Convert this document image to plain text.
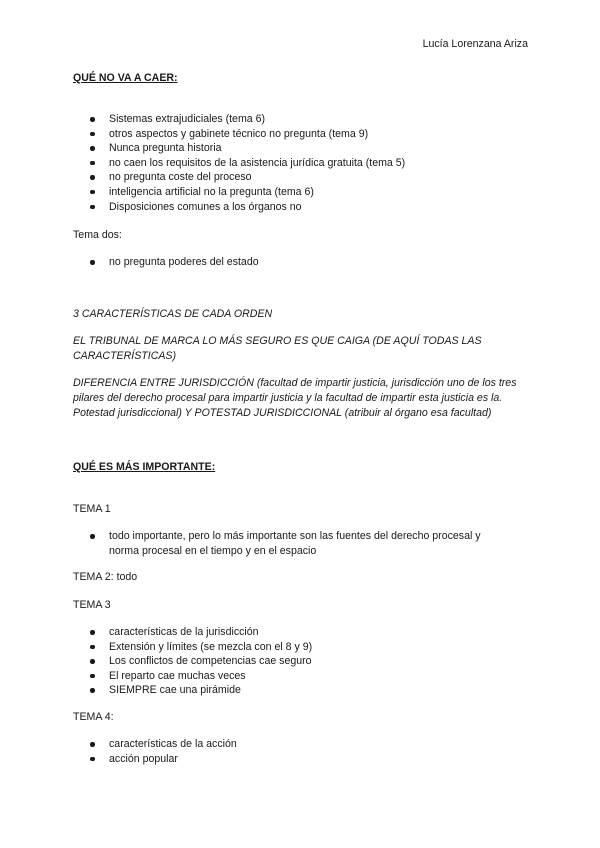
Lucía Lorenzana Ariza
QUÉ NO VA A CAER:
Sistemas extrajudiciales (tema 6)
otros aspectos y gabinete técnico no pregunta (tema 9)
Nunca pregunta historia
no caen los requisitos de la asistencia jurídica gratuita (tema 5)
no pregunta coste del proceso
inteligencia artificial no la pregunta (tema 6)
Disposiciones comunes a los órganos no
Tema dos:
no pregunta poderes del estado
3 CARACTERÍSTICAS DE CADA ORDEN
EL TRIBUNAL DE MARCA LO MÁS SEGURO ES QUE CAIGA (DE AQUÍ TODAS LAS CARACTERÍSTICAS)
DIFERENCIA ENTRE JURISDICCIÓN (facultad de impartir justicia, jurisdicción uno de los tres pilares del derecho procesal para impartir justicia y la facultad de impartir esta justicia es la. Potestad jurisdiccional) Y POTESTAD JURISDICCIONAL (atribuir al órgano esa facultad)
QUÉ ES MÁS IMPORTANTE:
TEMA 1
todo importante, pero lo más importante son las fuentes del derecho procesal y norma procesal en el tiempo y en el espacio
TEMA 2: todo
TEMA 3
características de la jurisdicción
Extensión y límites (se mezcla con el 8 y 9)
Los conflictos de competencias cae seguro
El reparto cae muchas veces
SIEMPRE cae una pirámide
TEMA 4:
características de la acción
acción popular
